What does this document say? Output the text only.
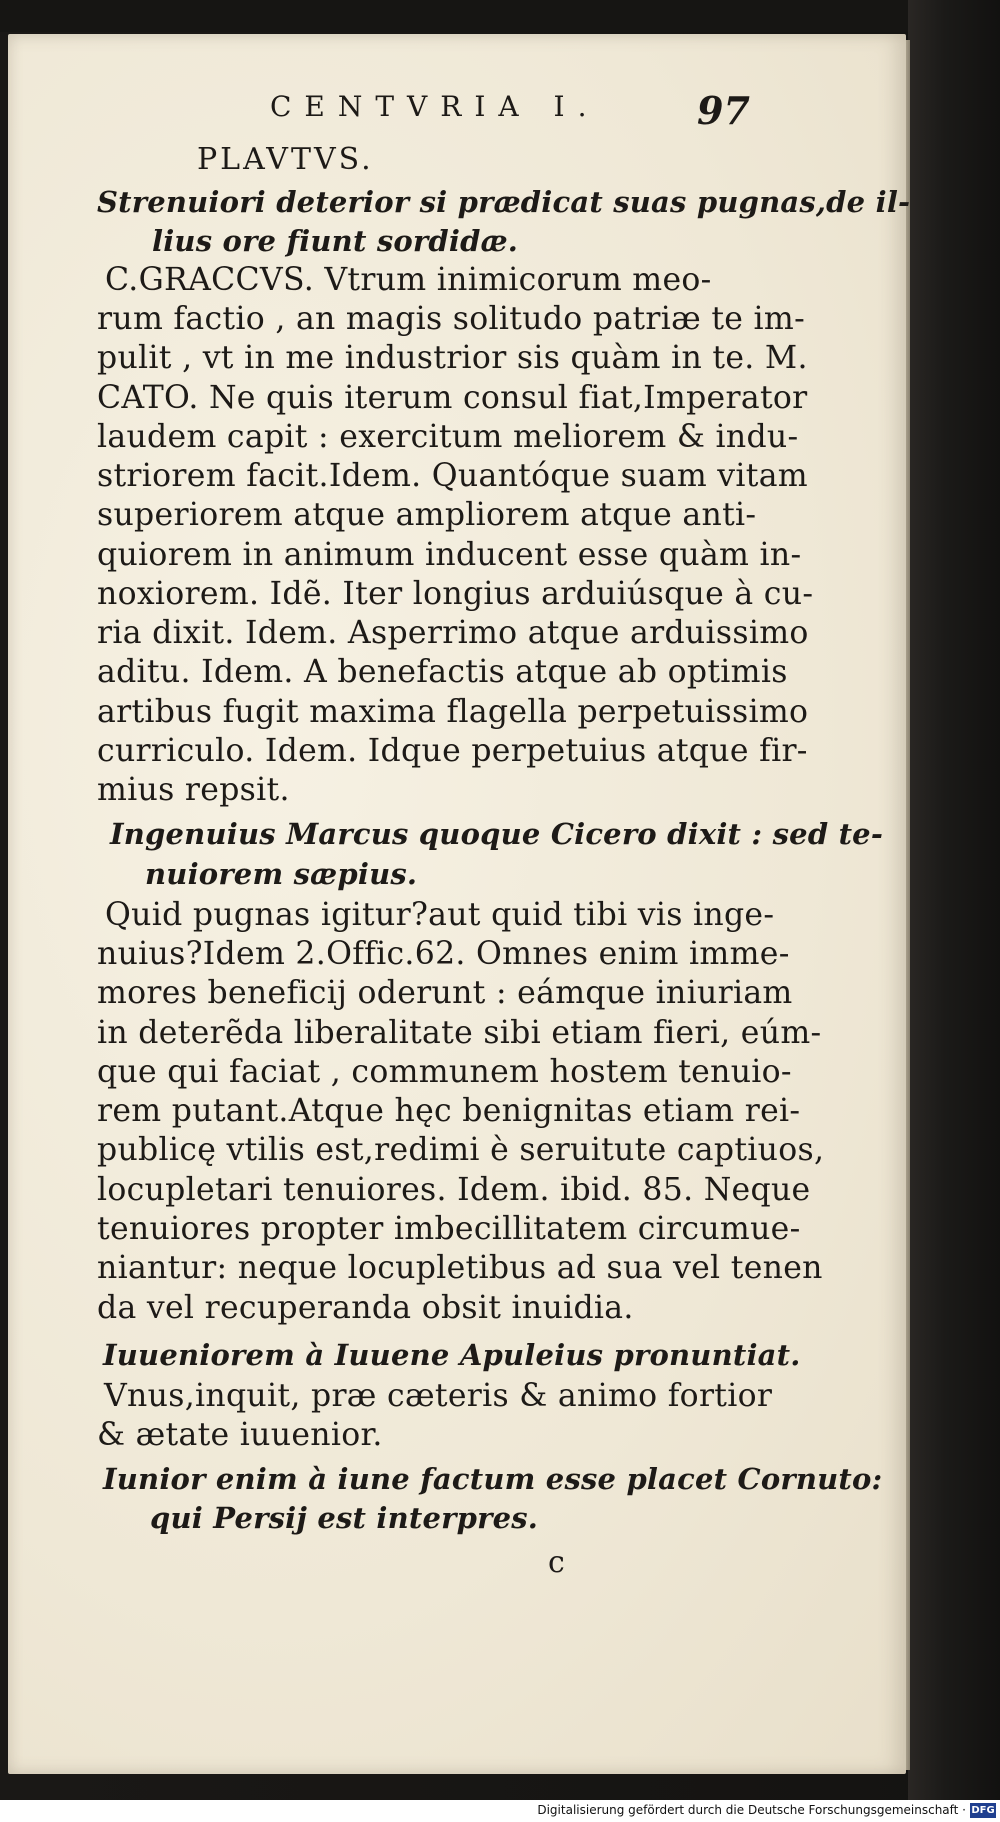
CENTVRIA I.	97
PLAVTVS.
Strenuiori deterior si prædicat suas pugnas,de il-
lius ore fiunt sordidæ.
C.GRACCVS. Vtrum inimicorum meo-
rum factio , an magis solitudo patriæ te im-
pulit , vt in me industrior sis quàm in te. M.
CATO. Ne quis iterum consul fiat,Imperator
laudem capit : exercitum meliorem & indu-
striorem facit.Idem. Quantóque suam vitam
superiorem atque ampliorem atque anti-
quiorem in animum inducent esse quàm in-
noxiorem. Idẽ. Iter longius arduiúsque à cu-
ria dixit. Idem. Asperrimo atque arduissimo
aditu. Idem. A benefactis atque ab optimis
artibus fugit maxima flagella perpetuissimo
curriculo. Idem. Idque perpetuius atque fir-
mius repsit.
Ingenuius Marcus quoque Cicero dixit : sed te-
nuiorem sæpius.
Quid pugnas igitur?aut quid tibi vis inge-
nuius?Idem 2.Offic.62. Omnes enim imme-
mores beneficij oderunt : eámque iniuriam
in deterẽda liberalitate sibi etiam fieri, eúm-
que qui faciat , communem hostem tenuio-
rem putant.Atque hęc benignitas etiam rei-
publicę vtilis est,redimi è seruitute captiuos,
locupletari tenuiores. Idem. ibid. 85. Neque
tenuiores propter imbecillitatem circumue-
niantur: neque locupletibus ad sua vel tenen
da vel recuperanda obsit inuidia.
Iuueniorem à Iuuene Apuleius pronuntiat.
Vnus,inquit, præ cæteris & animo fortior
& ætate iuuenior.
Iunior enim à iune factum esse placet Cornuto:
qui Persij est interpres.
c
Digitalisierung gefördert durch die Deutsche Forschungsgemeinschaft · DFG
